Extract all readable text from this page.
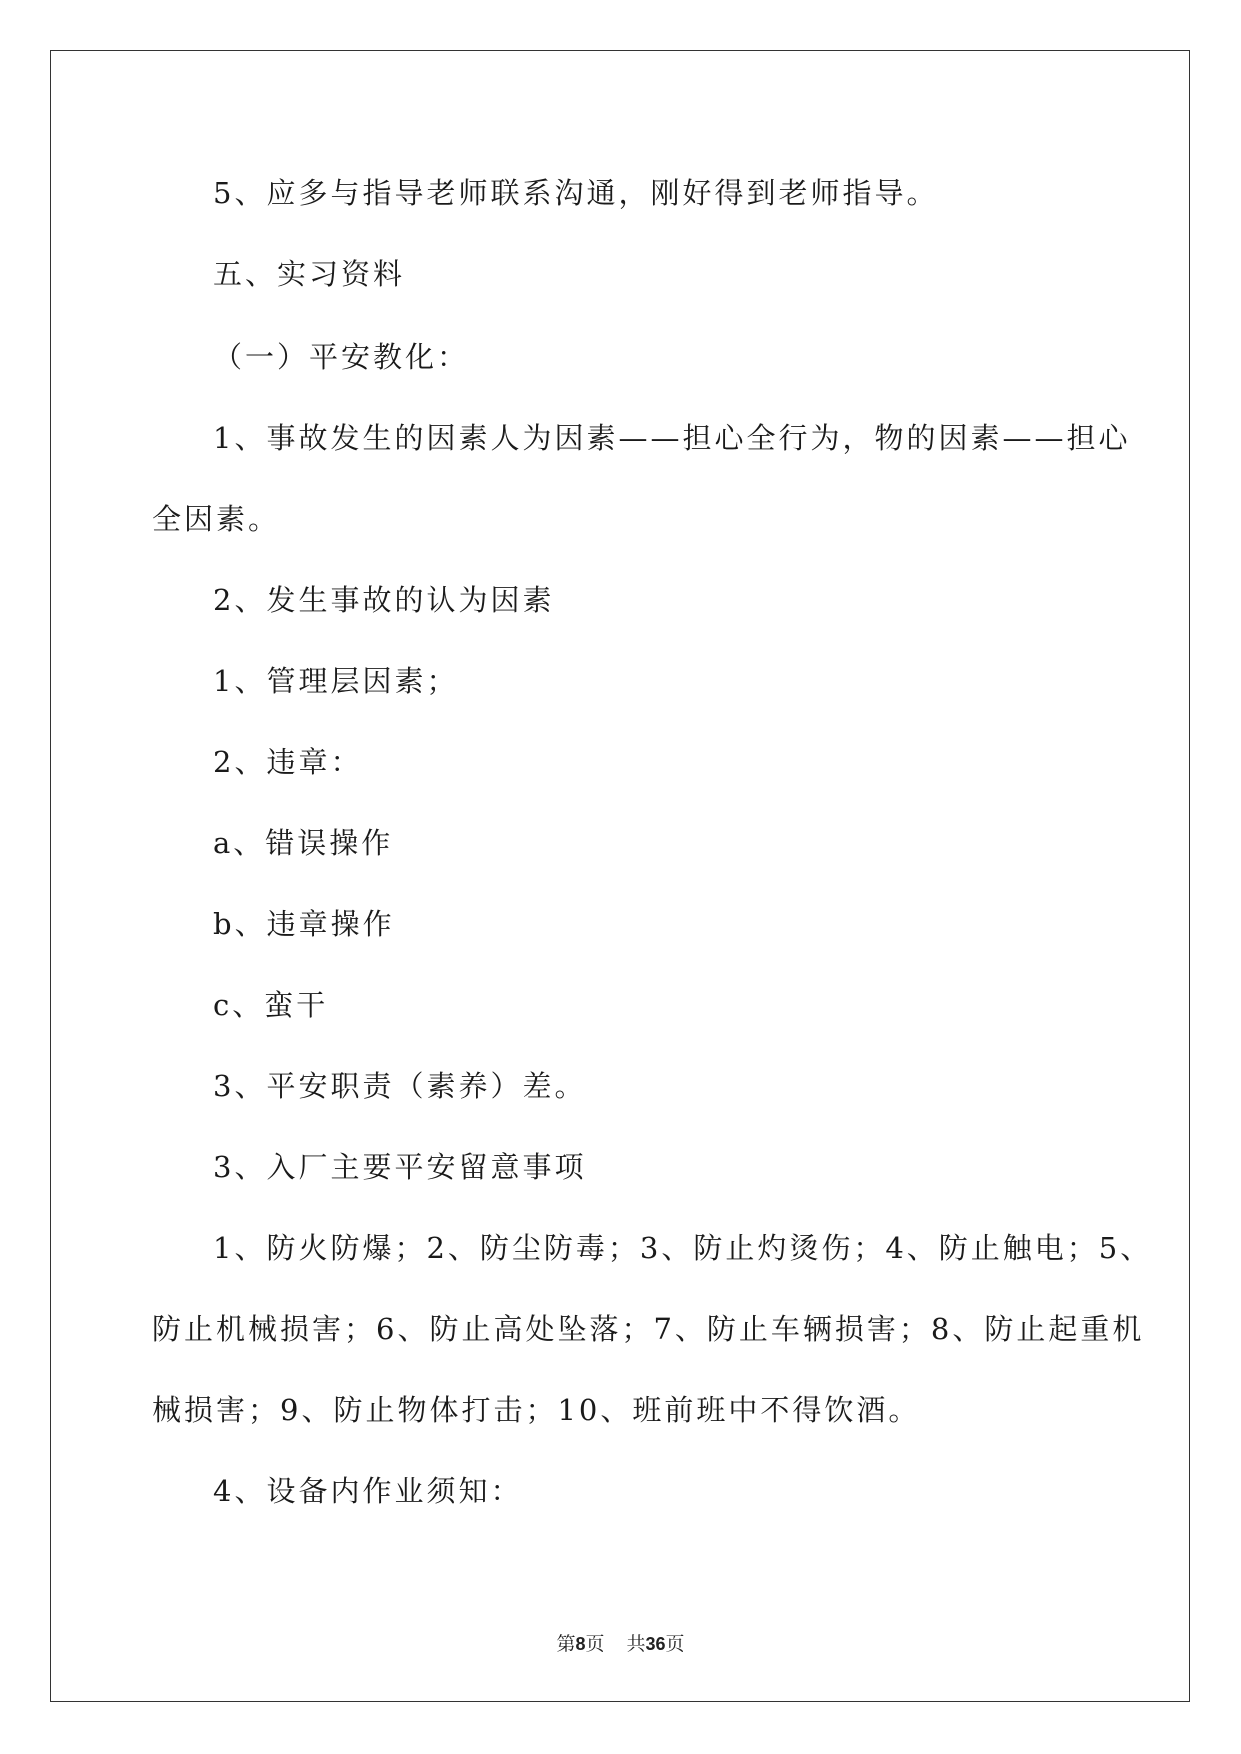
5、应多与指导老师联系沟通，刚好得到老师指导。
五、实习资料
（一）平安教化：
1、事故发生的因素人为因素——担心全行为，物的因素——担心
全因素。
2、发生事故的认为因素
1、管理层因素；
2、违章：
a、错误操作
b、违章操作
c、蛮干
3、平安职责（素养）差。
3、入厂主要平安留意事项
1、防火防爆；2、防尘防毒；3、防止灼烫伤；4、防止触电；5、
防止机械损害；6、防止高处坠落；7、防止车辆损害；8、防止起重机
械损害；9、防止物体打击；10、班前班中不得饮酒。
4、设备内作业须知：
第8页 共36页
